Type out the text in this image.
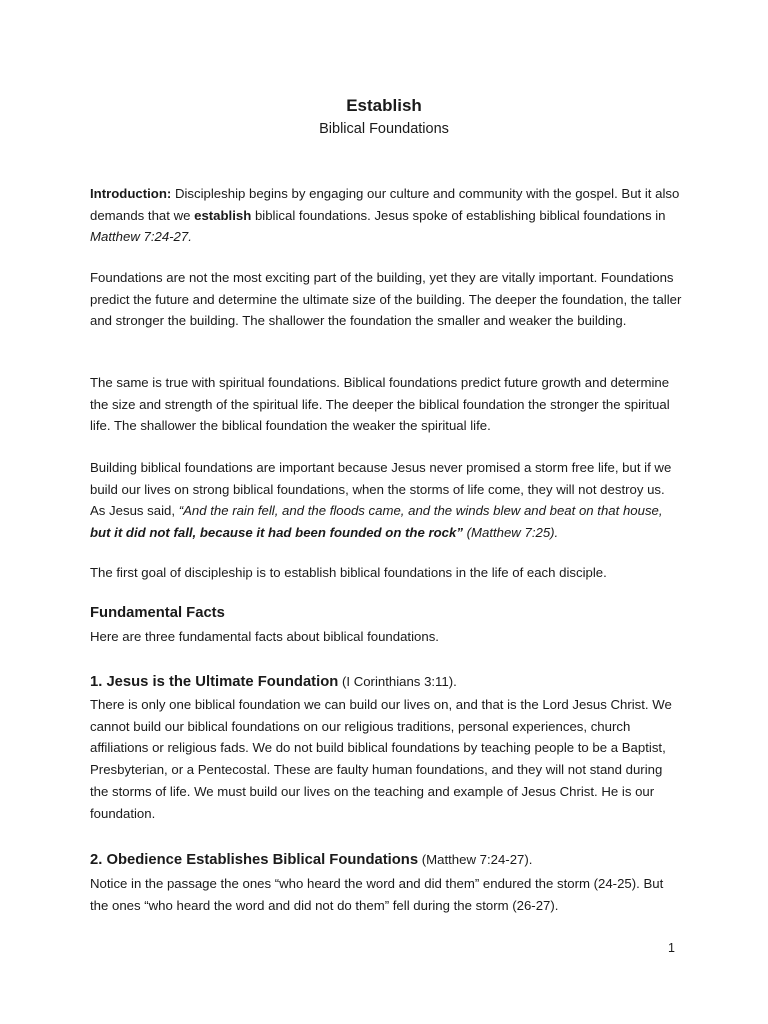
Establish
Biblical Foundations

Introduction: Discipleship begins by engaging our culture and community with the gospel. But it also demands that we establish biblical foundations. Jesus spoke of establishing biblical foundations in Matthew 7:24-27.

Foundations are not the most exciting part of the building, yet they are vitally important. Foundations predict the future and determine the ultimate size of the building. The deeper the foundation, the taller and stronger the building. The shallower the foundation the smaller and weaker the building.

The same is true with spiritual foundations. Biblical foundations predict future growth and determine the size and strength of the spiritual life. The deeper the biblical foundation the stronger the spiritual life. The shallower the biblical foundation the weaker the spiritual life.

Building biblical foundations are important because Jesus never promised a storm free life, but if we build our lives on strong biblical foundations, when the storms of life come, they will not destroy us. As Jesus said, “And the rain fell, and the floods came, and the winds blew and beat on that house, but it did not fall, because it had been founded on the rock” (Matthew 7:25).

The first goal of discipleship is to establish biblical foundations in the life of each disciple.

Fundamental Facts

Here are three fundamental facts about biblical foundations.

1. Jesus is the Ultimate Foundation (I Corinthians 3:11).

There is only one biblical foundation we can build our lives on, and that is the Lord Jesus Christ. We cannot build our biblical foundations on our religious traditions, personal experiences, church affiliations or religious fads. We do not build biblical foundations by teaching people to be a Baptist, Presbyterian, or a Pentecostal. These are faulty human foundations, and they will not stand during the storms of life. We must build our lives on the teaching and example of Jesus Christ. He is our foundation.

2. Obedience Establishes Biblical Foundations (Matthew 7:24-27).

Notice in the passage the ones “who heard the word and did them” endured the storm (24-25). But the ones “who heard the word and did not do them” fell during the storm (26-27).

1
